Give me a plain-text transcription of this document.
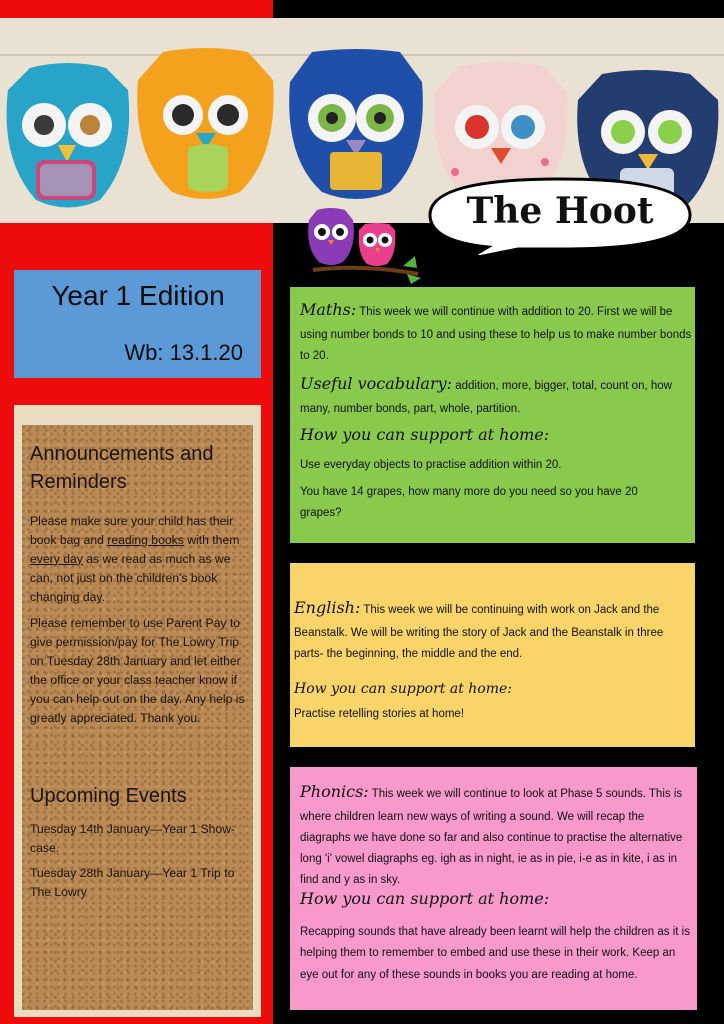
The Hoot
Year 1 Edition
Wb: 13.1.20
Announcements and
Reminders
Please make sure your child has their book bag and reading books with them every day as we read as much as we can, not just on the children's book changing day.
Please remember to use Parent Pay to give permission/pay for The Lowry Trip on Tuesday 28th January and let either the office or your class teacher know if you can help out on the day. Any help is greatly appreciated. Thank you.
Upcoming Events
Tuesday 14th January—Year 1 Show-case.
Tuesday 28th January—Year 1 Trip to The Lowry
Maths: This week we will continue with addition to 20. First we will be using number bonds to 10 and using these to help us to make number bonds to 20.
Useful vocabulary: addition, more, bigger, total, count on, how many, number bonds, part, whole, partition.
How you can support at home:
Use everyday objects to practise addition within 20.
You have 14 grapes, how many more do you need so you have 20 grapes?
English: This week we will be continuing with work on Jack and the Beanstalk. We will be writing the story of Jack and the Beanstalk in three parts- the beginning, the middle and the end.
How you can support at home:
Practise retelling stories at home!
Phonics: This week we will continue to look at Phase 5 sounds. This is where children learn new ways of writing a sound. We will recap the diagraphs we have done so far and also continue to practise the alternative long 'i' vowel diagraphs eg. igh as in night, ie as in pie, i-e as in kite, i as in find and y as in sky.
How you can support at home:
Recapping sounds that have already been learnt will help the children as it is helping them to remember to embed and use these in their work. Keep an eye out for any of these sounds in books you are reading at home.
